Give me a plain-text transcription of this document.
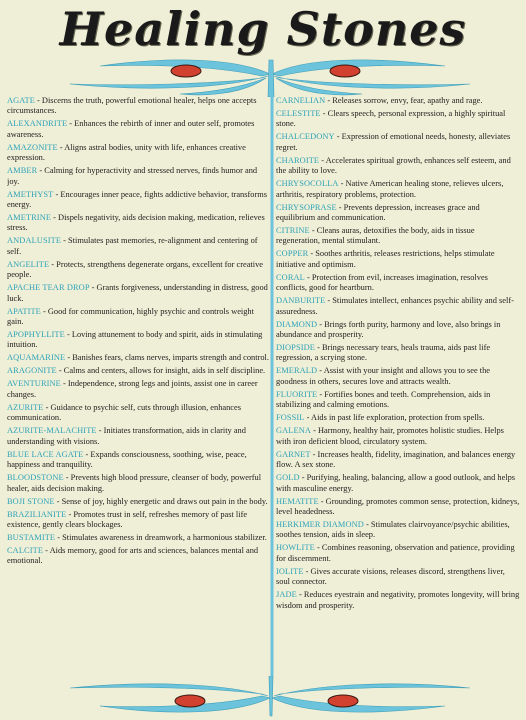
Healing Stones
AGATE - Discerns the truth, powerful emotional healer, helps one accepts circumstances.
ALEXANDRITE - Enhances the rebirth of inner and outer self, promotes awareness.
AMAZONITE - Aligns astral bodies, unity with life, enhances creative expression.
AMBER - Calming for hyperactivity and stressed nerves, finds humor and joy.
AMETHYST - Encourages inner peace, fights addictive behavior, transforms energy.
AMETRINE - Dispels negativity, aids decision making, medication, relieves stress.
ANDALUSITE - Stimulates past memories, re-alignment and centering of self.
ANGELITE - Protects, strengthens degenerate organs, excellent for creative people.
APACHE TEAR DROP - Grants forgiveness, understanding in distress, good luck.
APATITE - Good for communication, highly psychic and controls weight gain.
APOPHYLLITE - Loving attunement to body and spirit, aids in stimulating intuition.
AQUAMARINE - Banishes fears, clams nerves, imparts strength and control.
ARAGONITE - Calms and centers, allows for insight, aids in self discipline.
AVENTURINE - Independence, strong legs and joints, assist one in career changes.
AZURITE - Guidance to psychic self, cuts through illusion, enhances communication.
AZURITE-MALACHITE - Initiates transformation, aids in clarity and understanding with visions.
BLUE LACE AGATE - Expands consciousness, soothing, wise, peace, happiness and tranquility.
BLOODSTONE - Prevents high blood pressure, cleanser of body, powerful healer, aids decision making.
BOJI STONE - Sense of joy, highly energetic and draws out pain in the body.
BRAZILIANITE - Promotes trust in self, refreshes memory of past life existence, gently clears blockages.
BUSTAMITE - Stimulates awareness in dreamwork, a harmonious stabilizer.
CALCITE - Aids memory, good for arts and sciences, balances mental and emotional.
CARNELIAN - Releases sorrow, envy, fear, apathy and rage.
CELESTITE - Clears speech, personal expression, a highly spiritual stone.
CHALCEDONY - Expression of emotional needs, honesty, alleviates regret.
CHAROITE - Accelerates spiritual growth, enhances self esteem, and the ability to love.
CHRYSOCOLLA - Native American healing stone, relieves ulcers, arthritis, respiratory problems, protection.
CHRYSOPRASE - Prevents depression, increases grace and equilibrium and communication.
CITRINE - Cleans auras, detoxifies the body, aids in tissue regeneration, mental stimulant.
COPPER - Soothes arthritis, releases restrictions, helps stimulate initiative and optimism.
CORAL - Protection from evil, increases imagination, resolves conflicts, good for heartburn.
DANBURITE - Stimulates intellect, enhances psychic ability and self-assuredness.
DIAMOND - Brings forth purity, harmony and love, also brings in abundance and prosperity.
DIOPSIDE - Brings necessary tears, heals trauma, aids past life regression, a scrying stone.
EMERALD - Assist with your insight and allows you to see the goodness in others, secures love and attracts wealth.
FLUORITE - Fortifies bones and teeth. Comprehension, aids in stabilizing and calming emotions.
FOSSIL - Aids in past life exploration, protection from spells.
GALENA - Harmony, healthy hair, promotes holistic studies. Helps with iron deficient blood, circulatory system.
GARNET - Increases health, fidelity, imagination, and balances energy flow. A sex stone.
GOLD - Purifying, healing, balancing, allow a good outlook, and helps with masculine energy.
HEMATITE - Grounding, promotes common sense, protection, kidneys, level headedness.
HERKIMER DIAMOND - Stimulates clairvoyance/psychic abilities, soothes tension, aids in sleep.
HOWLITE - Combines reasoning, observation and patience, providing for discernment.
IOLITE - Gives accurate visions, releases discord, strengthens liver, soul connector.
JADE - Reduces eyestrain and negativity, promotes longevity, will bring wisdom and prosperity.
